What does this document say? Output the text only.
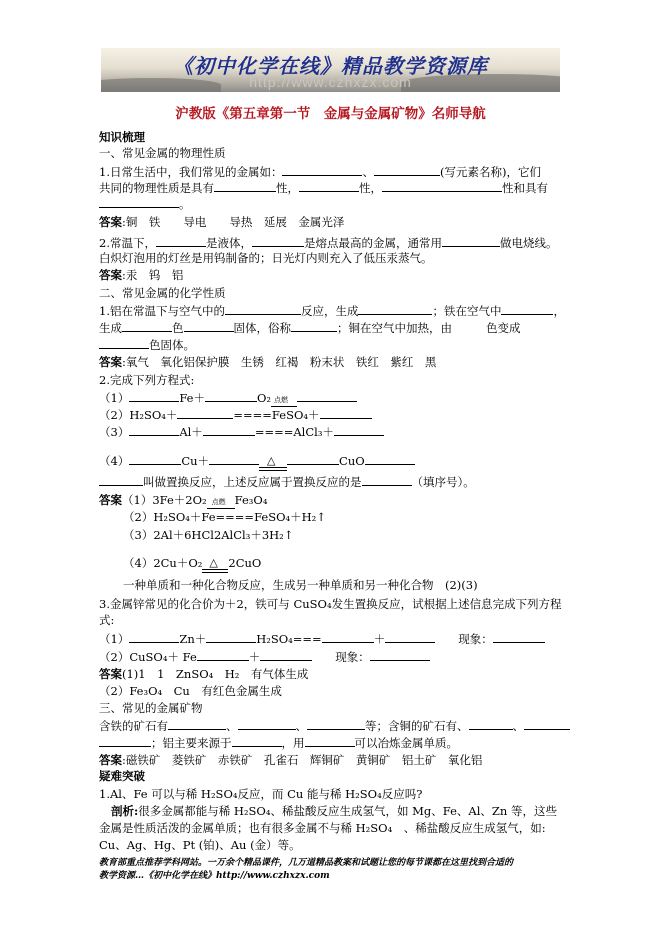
《初中化学在线》精品教学资源库
http://www.czhxzx.com
沪教版《第五章第一节　金属与金属矿物》名师导航
知识梳理
一、常见金属的物理性质
1.日常生活中，我们常见的金属如：	、	(写元素名称)，它们
共同的物理性质是具有	性，	性，	性和具有
。
答案:铜　铁　　导电　　导热　延展　金属光泽
2.常温下，	是液体，	是熔点最高的金属，通常用	做电烧线。
白炽灯泡用的灯丝是用钨制备的；日光灯内则充入了低压汞蒸气。
答案:汞　钨　铝
二、常见金属的化学性质
1.铝在常温下与空气中的	反应，生成	；铁在空气中	，
生成	色	固体，俗称	；铜在空气中加热，由	色变成
色固体。
答案:氧气　氧化铝保护膜　生锈　红褐　粉末状　铁红　紫红　黑
2.完成下列方程式:
（1）	Fe＋	O₂ 点燃
（2）H₂SO₄＋	====FeSO₄＋
（3）	Al＋	====AlCl₃＋
（4）	Cu＋	△	CuO
叫做置换反应，上述反应属于置换反应的是	（填序号）。
答案（1）3Fe＋2O₂ 点燃 Fe₃O₄
（2）H₂SO₄＋Fe====FeSO₄＋H₂↑
（3）2Al＋6HCl2AlCl₃＋3H₂↑
（4）2Cu＋O₂ △ 2CuO
一种单质和一种化合物反应，生成另一种单质和另一种化合物　(2)(3)
3.金属锌常见的化合价为＋2，铁可与 CuSO₄发生置换反应，试根据上述信息完成下列方程
式:
（1）	Zn＋	H₂SO₄===	＋　　	现象：
（2）CuSO₄＋ Fe	＋　　	现象：
答案(1)1　1　ZnSO₄　H₂　有气体生成
（2）Fe₃O₄　Cu　有红色金属生成
三、常见的金属矿物
含铁的矿石有	、	、	等；含铜的矿石有、	、
；铝主要来源于	，用	可以冶炼金属单质。
答案:磁铁矿　菱铁矿　赤铁矿　孔雀石　辉铜矿　黄铜矿　铝土矿　氧化铝
疑难突破
1.Al、Fe 可以与稀 H₂SO₄反应，而 Cu 能与稀 H₂SO₄反应吗?
剖析:很多金属都能与稀 H₂SO₄、稀盐酸反应生成氢气，如 Mg、Fe、Al、Zn 等，这些
金属是性质活泼的金属单质；也有很多金属不与稀 H₂SO₄　、稀盐酸反应生成氢气，如:
Cu、Ag、Hg、Pt (铂)、Au (金）等。
教育部重点推荐学科网站。一万余个精品课件，几万道精品教案和试题让您的每节课都在这里找到合适的
教学资源…《初中化学在线》http://www.czhxzx.com
